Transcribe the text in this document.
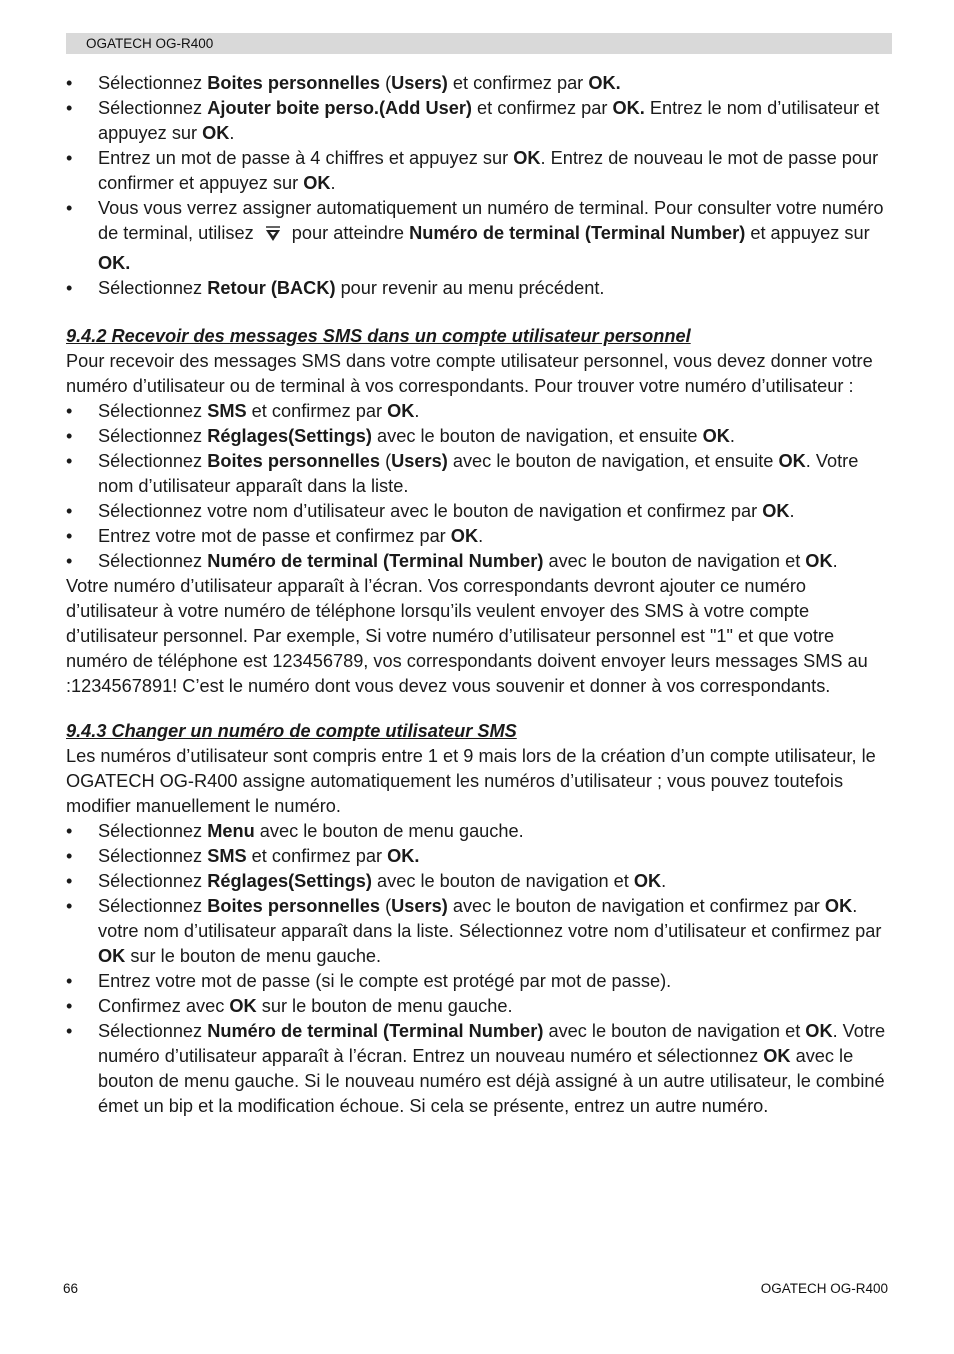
OGATECH OG-R400

• Sélectionnez Boites personnelles (Users) et confirmez par OK.

• Sélectionnez Ajouter boite perso.(Add User) et confirmez par OK. Entrez le nom d’utilisateur et appuyez sur OK.

• Entrez un mot de passe à 4 chiffres et appuyez sur OK. Entrez de nouveau le mot de passe pour confirmer et appuyez sur OK.

• Vous vous verrez assigner automatiquement un numéro de terminal. Pour consulter votre numéro de terminal, utilisez  pour atteindre Numéro de terminal (Terminal Number) et appuyez sur OK.

• Sélectionnez Retour (BACK) pour revenir au menu précédent.

9.4.2 Recevoir des messages SMS dans un compte utilisateur personnel

Pour recevoir des messages SMS dans votre compte utilisateur personnel, vous devez donner votre numéro d’utilisateur ou de terminal à vos correspondants. Pour trouver votre numéro d’utilisateur :

• Sélectionnez SMS et confirmez par OK.

• Sélectionnez Réglages(Settings) avec le bouton de navigation, et ensuite OK.

• Sélectionnez Boites personnelles (Users) avec le bouton de navigation, et ensuite OK. Votre nom d’utilisateur apparaît dans la liste.

• Sélectionnez votre nom d’utilisateur avec le bouton de navigation et confirmez par OK.

• Entrez votre mot de passe et confirmez par OK.

• Sélectionnez Numéro de terminal (Terminal Number) avec le bouton de navigation et OK.

Votre numéro d’utilisateur apparaît à l’écran. Vos correspondants devront ajouter ce numéro d’utilisateur à votre numéro de téléphone lorsqu’ils veulent envoyer des SMS à votre compte d’utilisateur personnel. Par exemple, Si votre numéro d’utilisateur personnel est "1" et que votre numéro de téléphone est 123456789, vos correspondants doivent envoyer leurs messages SMS au :1234567891! C’est le numéro dont vous devez vous souvenir et donner à vos correspondants.

9.4.3 Changer un numéro de compte utilisateur SMS

Les numéros d’utilisateur sont compris entre 1 et 9 mais lors de la création d’un compte utilisateur, le OGATECH OG-R400 assigne automatiquement les numéros d’utilisateur ; vous pouvez toutefois modifier manuellement le numéro.

• Sélectionnez Menu avec le bouton de menu gauche.

• Sélectionnez SMS et confirmez par OK.

• Sélectionnez Réglages(Settings) avec le bouton de navigation et OK.

• Sélectionnez Boites personnelles (Users) avec le bouton de navigation et confirmez par OK. votre nom d’utilisateur apparaît dans la liste. Sélectionnez votre nom d’utilisateur et confirmez par OK sur le bouton de menu gauche.

• Entrez votre mot de passe (si le compte est protégé par mot de passe).

• Confirmez avec OK sur le bouton de menu gauche.

• Sélectionnez Numéro de terminal (Terminal Number) avec le bouton de navigation et OK. Votre numéro d’utilisateur apparaît à l’écran. Entrez un nouveau numéro et sélectionnez OK avec le bouton de menu gauche. Si le nouveau numéro est déjà assigné à un autre utilisateur, le combiné émet un bip et la modification échoue. Si cela se présente, entrez un autre numéro.

66	OGATECH OG-R400
